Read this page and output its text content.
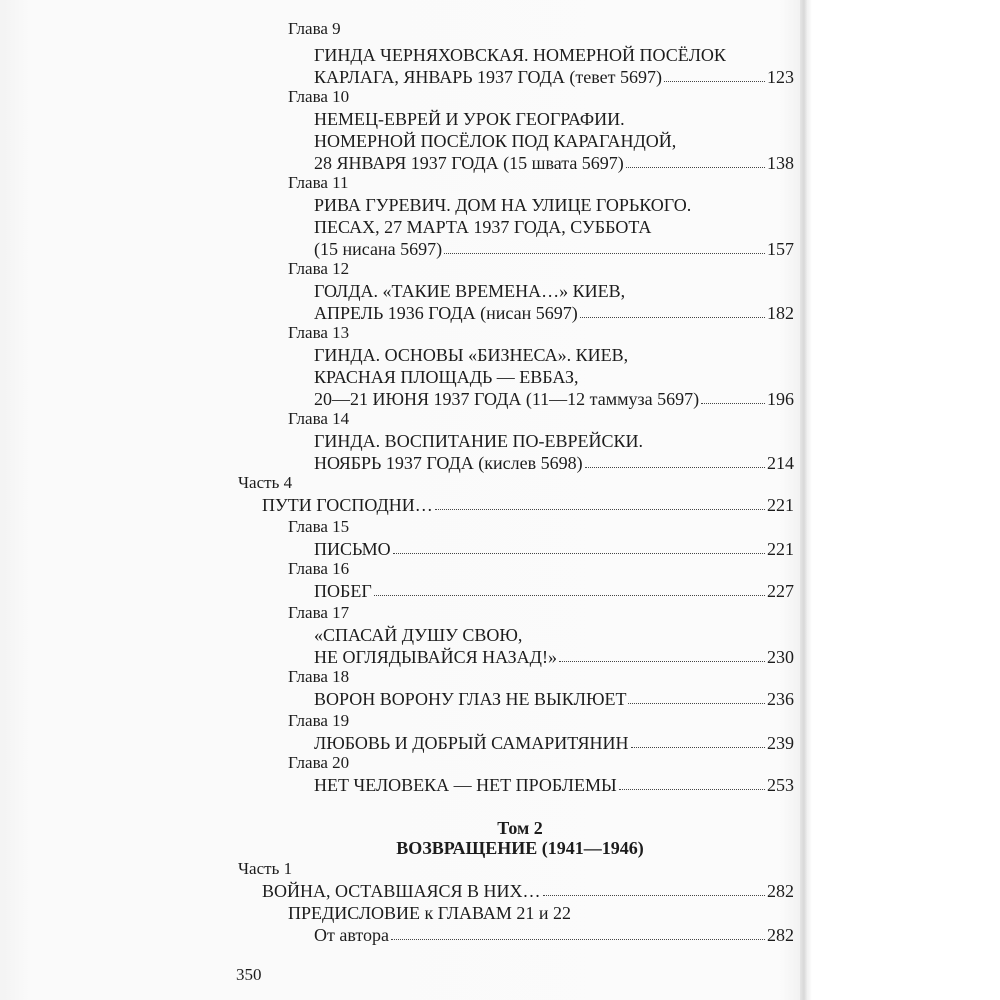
Глава 9
ГИНДА ЧЕРНЯХОВСКАЯ. НОМЕРНОЙ ПОСЁЛОК
КАРЛАГА, ЯНВАРЬ 1937 ГОДА (тевет 5697)	123
Глава 10
НЕМЕЦ-ЕВРЕЙ И УРОК ГЕОГРАФИИ.
НОМЕРНОЙ ПОСЁЛОК ПОД КАРАГАНДОЙ,
28 ЯНВАРЯ 1937 ГОДА (15 швата 5697)	138
Глава 11
РИВА ГУРЕВИЧ. ДОМ НА УЛИЦЕ ГОРЬКОГО.
ПЕСАХ, 27 МАРТА 1937 ГОДА, СУББОТА
(15 нисана 5697)	157
Глава 12
ГОЛДА. «ТАКИЕ ВРЕМЕНА…» КИЕВ,
АПРЕЛЬ 1936 ГОДА (нисан 5697)	182
Глава 13
ГИНДА. ОСНОВЫ «БИЗНЕСА». КИЕВ,
КРАСНАЯ ПЛОЩАДЬ — ЕВБАЗ,
20—21 ИЮНЯ 1937 ГОДА (11—12 таммуза 5697)	196
Глава 14
ГИНДА. ВОСПИТАНИЕ ПО-ЕВРЕЙСКИ.
НОЯБРЬ 1937 ГОДА (кислев 5698)	214
Часть 4
ПУТИ ГОСПОДНИ…	221
Глава 15
ПИСЬМО	221
Глава 16
ПОБЕГ	227
Глава 17
«СПАСАЙ ДУШУ СВОЮ,
НЕ ОГЛЯДЫВАЙСЯ НАЗАД!»	230
Глава 18
ВОРОН ВОРОНУ ГЛАЗ НЕ ВЫКЛЮЕТ	236
Глава 19
ЛЮБОВЬ И ДОБРЫЙ САМАРИТЯНИН	239
Глава 20
НЕТ ЧЕЛОВЕКА — НЕТ ПРОБЛЕМЫ	253
Том 2
ВОЗВРАЩЕНИЕ (1941—1946)
Часть 1
ВОЙНА, ОСТАВШАЯСЯ В НИХ…	282
ПРЕДИСЛОВИЕ к ГЛАВАМ 21 и 22
От автора	282
350
